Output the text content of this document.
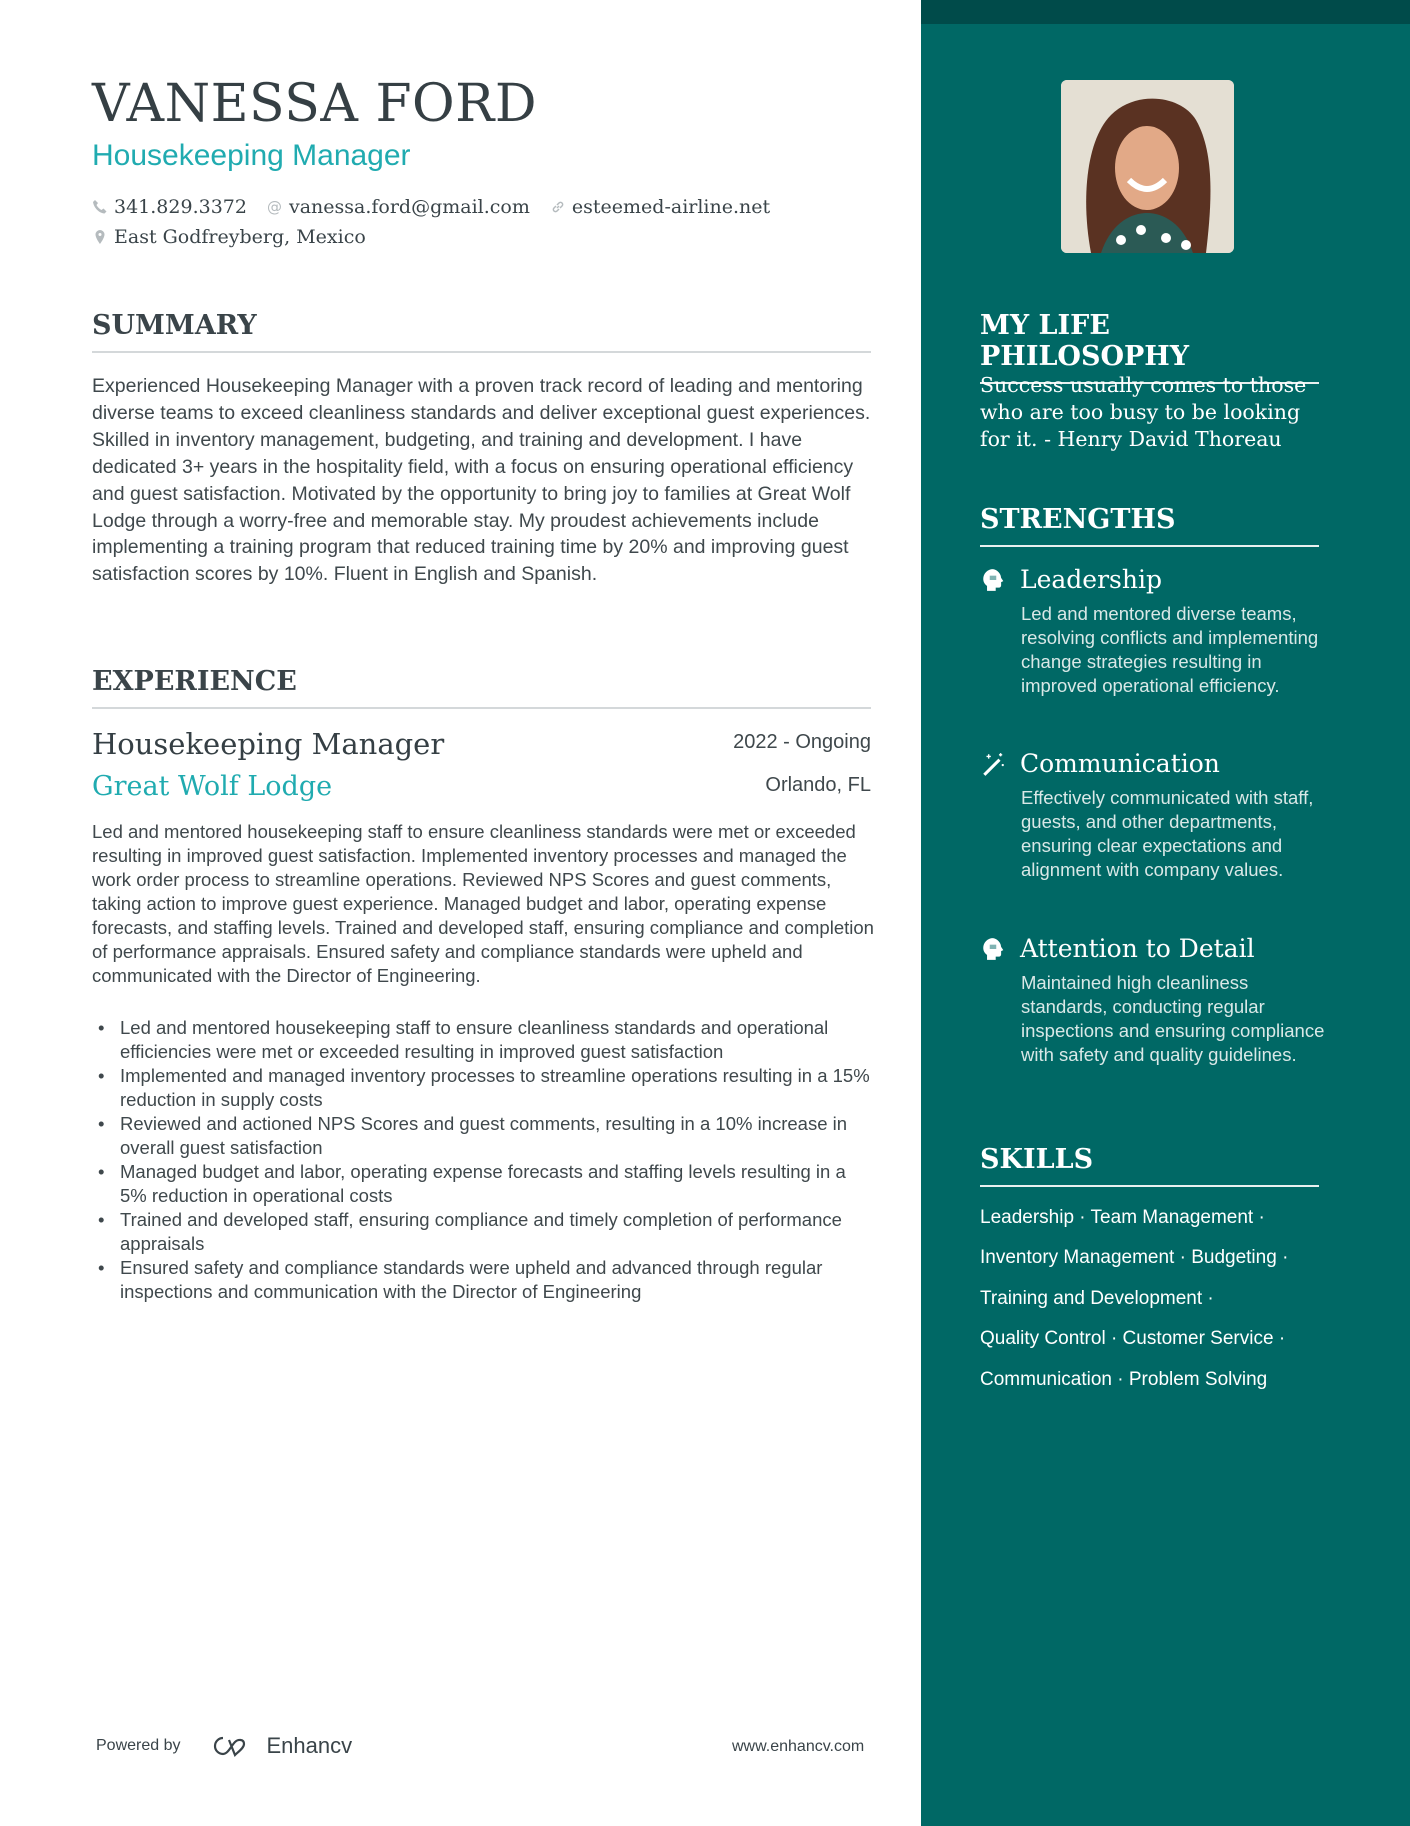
VANESSA FORD
Housekeeping Manager
341.829.3372 @ vanessa.ford@gmail.com esteemed-airline.net
East Godfreyberg, Mexico
SUMMARY

Experienced Housekeeping Manager with a proven track record of leading and mentoring diverse teams to exceed cleanliness standards and deliver exceptional guest experiences. Skilled in inventory management, budgeting, and training and development. I have dedicated 3+ years in the hospitality field, with a focus on ensuring operational efficiency and guest satisfaction. Motivated by the opportunity to bring joy to families at Great Wolf Lodge through a worry-free and memorable stay. My proudest achievements include implementing a training program that reduced training time by 20% and improving guest satisfaction scores by 10%. Fluent in English and Spanish.

EXPERIENCE
Housekeeping Manager	2022 - Ongoing
Great Wolf Lodge	Orlando, FL

Led and mentored housekeeping staff to ensure cleanliness standards were met or exceeded resulting in improved guest satisfaction. Implemented inventory processes and managed the work order process to streamline operations. Reviewed NPS Scores and guest comments, taking action to improve guest experience. Managed budget and labor, operating expense forecasts, and staffing levels. Trained and developed staff, ensuring compliance and completion of performance appraisals. Ensured safety and compliance standards were upheld and communicated with the Director of Engineering.

• Led and mentored housekeeping staff to ensure cleanliness standards and operational efficiencies were met or exceeded resulting in improved guest satisfaction
• Implemented and managed inventory processes to streamline operations resulting in a 15% reduction in supply costs
• Reviewed and actioned NPS Scores and guest comments, resulting in a 10% increase in overall guest satisfaction
• Managed budget and labor, operating expense forecasts and staffing levels resulting in a 5% reduction in operational costs
• Trained and developed staff, ensuring compliance and timely completion of performance appraisals
• Ensured safety and compliance standards were upheld and advanced through regular inspections and communication with the Director of Engineering
Powered by	Enhancv	www.enhancv.com
MY LIFE PHILOSOPHY

Success usually comes to those who are too busy to be looking for it. - Henry David Thoreau

STRENGTHS
Leadership

Led and mentored diverse teams, resolving conflicts and implementing change strategies resulting in improved operational efficiency.

Communication

Effectively communicated with staff, guests, and other departments, ensuring clear expectations and alignment with company values.

Attention to Detail

Maintained high cleanliness standards, conducting regular inspections and ensuring compliance with safety and quality guidelines.

SKILLS
Leadership · Team Management ·
Inventory Management · Budgeting ·
Training and Development ·
Quality Control · Customer Service ·
Communication · Problem Solving
